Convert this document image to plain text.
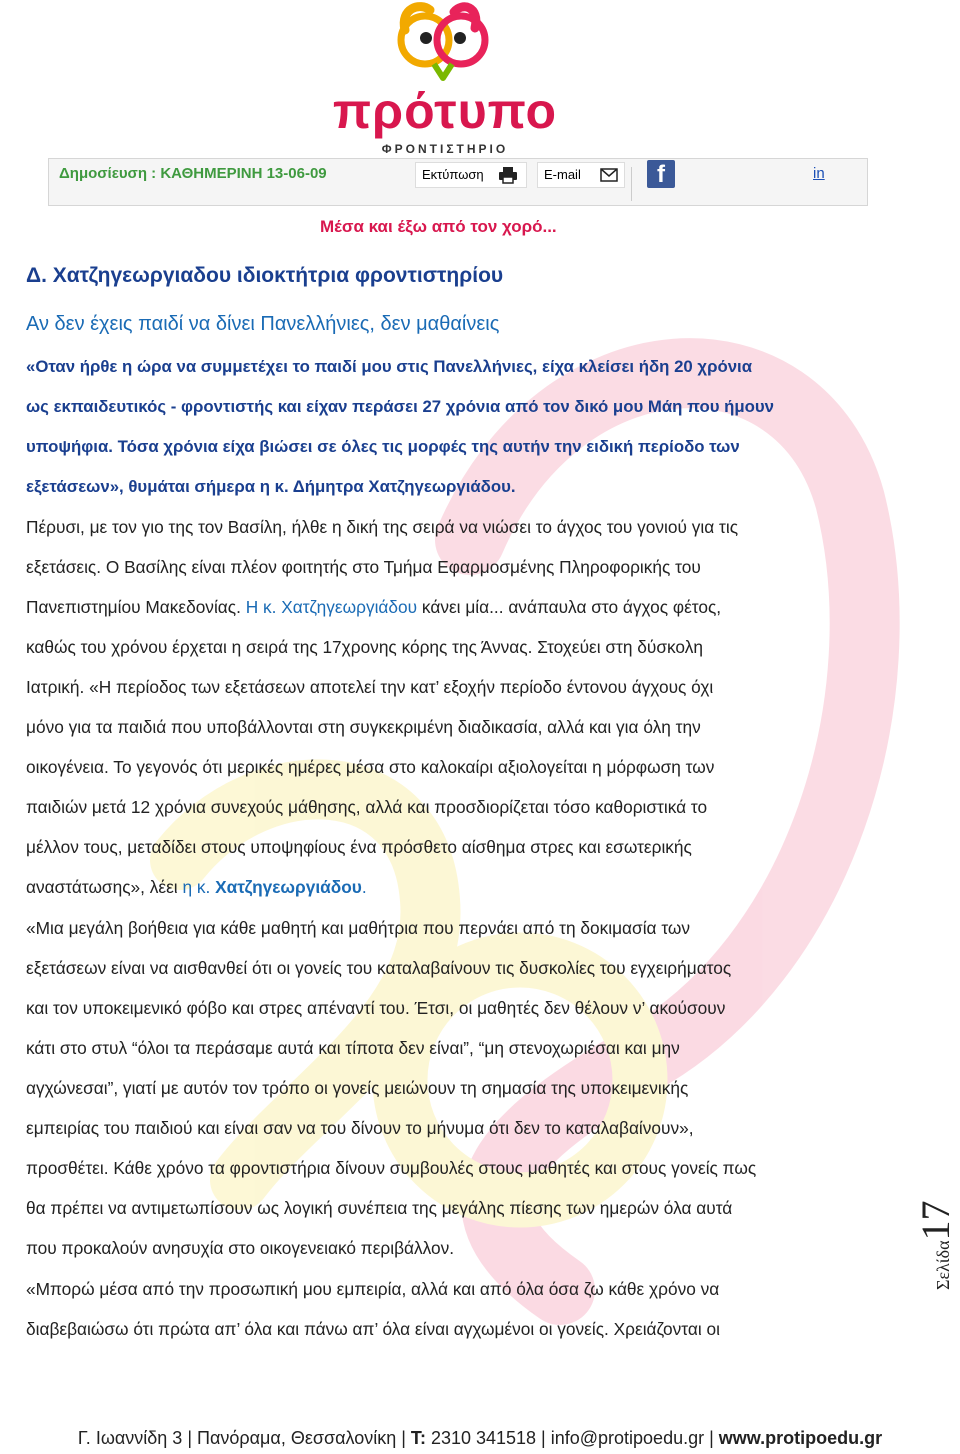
πρότυπο
ΦΡΟΝΤΙΣΤΗΡΙΟ
Δημοσίευση : ΚΑΘΗΜΕΡΙΝΗ 13-06-09	Εκτύπωση	E-mail	f	in
Μέσα και έξω από τον χορό...
Δ. Χατζηγεωργιαδου ιδιοκτήτρια φροντιστηρίου
Αν δεν έχεις παιδί να δίνει Πανελλήνιες, δεν μαθαίνεις
«Οταν ήρθε η ώρα να συμμετέχει το παιδί μου στις Πανελλήνιες, είχα κλείσει ήδη 20 χρόνια
ως εκπαιδευτικός - φροντιστής και είχαν περάσει 27 χρόνια από τον δικό μου Μάη που ήμουν
υποψήφια. Τόσα χρόνια είχα βιώσει σε όλες τις μορφές της αυτήν την ειδική περίοδο των
εξετάσεων», θυμάται σήμερα η κ. Δήμητρα Χατζηγεωργιάδου.
Πέρυσι, με τον γιο της τον Βασίλη, ήλθε η δική της σειρά να νιώσει το άγχος του γονιού για τις
εξετάσεις. Ο Βασίλης είναι πλέον φοιτητής στο Τμήμα Εφαρμοσμένης Πληροφορικής του
Πανεπιστημίου Μακεδονίας. Η κ. Χατζηγεωργιάδου κάνει μία... ανάπαυλα στο άγχος φέτος,
καθώς του χρόνου έρχεται η σειρά της 17χρονης κόρης της Άννας. Στοχεύει στη δύσκολη
Ιατρική. «Η περίοδος των εξετάσεων αποτελεί την κατ’ εξοχήν περίοδο έντονου άγχους όχι
μόνο για τα παιδιά που υποβάλλονται στη συγκεκριμένη διαδικασία, αλλά και για όλη την
οικογένεια. Το γεγονός ότι μερικές ημέρες μέσα στο καλοκαίρι αξιολογείται η μόρφωση των
παιδιών μετά 12 χρόνια συνεχούς μάθησης, αλλά και προσδιορίζεται τόσο καθοριστικά το
μέλλον τους, μεταδίδει στους υποψηφίους ένα πρόσθετο αίσθημα στρες και εσωτερικής
αναστάτωσης», λέει η κ. Χατζηγεωργιάδου.
«Μια μεγάλη βοήθεια για κάθε μαθητή και μαθήτρια που περνάει από τη δοκιμασία των
εξετάσεων είναι να αισθανθεί ότι οι γονείς του καταλαβαίνουν τις δυσκολίες του εγχειρήματος
και τον υποκειμενικό φόβο και στρες απέναντί του. Έτσι, οι μαθητές δεν θέλουν ν’ ακούσουν
κάτι στο στυλ “όλοι τα περάσαμε αυτά και τίποτα δεν είναι”, “μη στενοχωριέσαι και μην
αγχώνεσαι”, γιατί με αυτόν τον τρόπο οι γονείς μειώνουν τη σημασία της υποκειμενικής
εμπειρίας του παιδιού και είναι σαν να του δίνουν το μήνυμα ότι δεν το καταλαβαίνουν»,
προσθέτει. Κάθε χρόνο τα φροντιστήρια δίνουν συμβουλές στους μαθητές και στους γονείς πως
θα πρέπει να αντιμετωπίσουν ως λογική συνέπεια της μεγάλης πίεσης των ημερών όλα αυτά
που προκαλούν ανησυχία στο οικογενειακό περιβάλλον.
«Μπορώ μέσα από την προσωπική μου εμπειρία, αλλά και από όλα όσα ζω κάθε χρόνο να
διαβεβαιώσω ότι πρώτα απ’ όλα και πάνω απ’ όλα είναι αγχωμένοι οι γονείς. Χρειάζονται οι
Σελίδα17
Γ. Ιωαννίδη 3 | Πανόραμα, Θεσσαλονίκη | Τ: 2310 341518 | info@protipoedu.gr | www.protipoedu.gr
